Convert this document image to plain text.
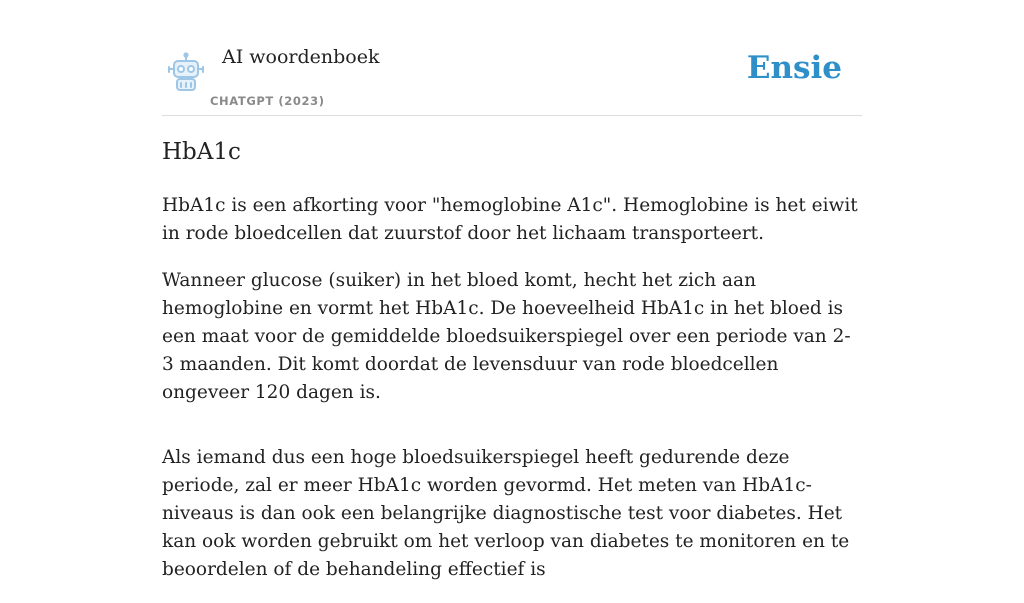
AI woordenboek
CHATGPT (2023)
Ensie
HbA1c

HbA1c is een afkorting voor "hemoglobine A1c". Hemoglobine is het eiwit in rode bloedcellen dat zuurstof door het lichaam transporteert.

Wanneer glucose (suiker) in het bloed komt, hecht het zich aan hemoglobine en vormt het HbA1c. De hoeveelheid HbA1c in het bloed is een maat voor de gemiddelde bloedsuikerspiegel over een periode van 2-3 maanden. Dit komt doordat de levensduur van rode bloedcellen ongeveer 120 dagen is.

Als iemand dus een hoge bloedsuikerspiegel heeft gedurende deze periode, zal er meer HbA1c worden gevormd. Het meten van HbA1c-niveaus is dan ook een belangrijke diagnostische test voor diabetes. Het kan ook worden gebruikt om het verloop van diabetes te monitoren en te beoordelen of de behandeling effectief is
